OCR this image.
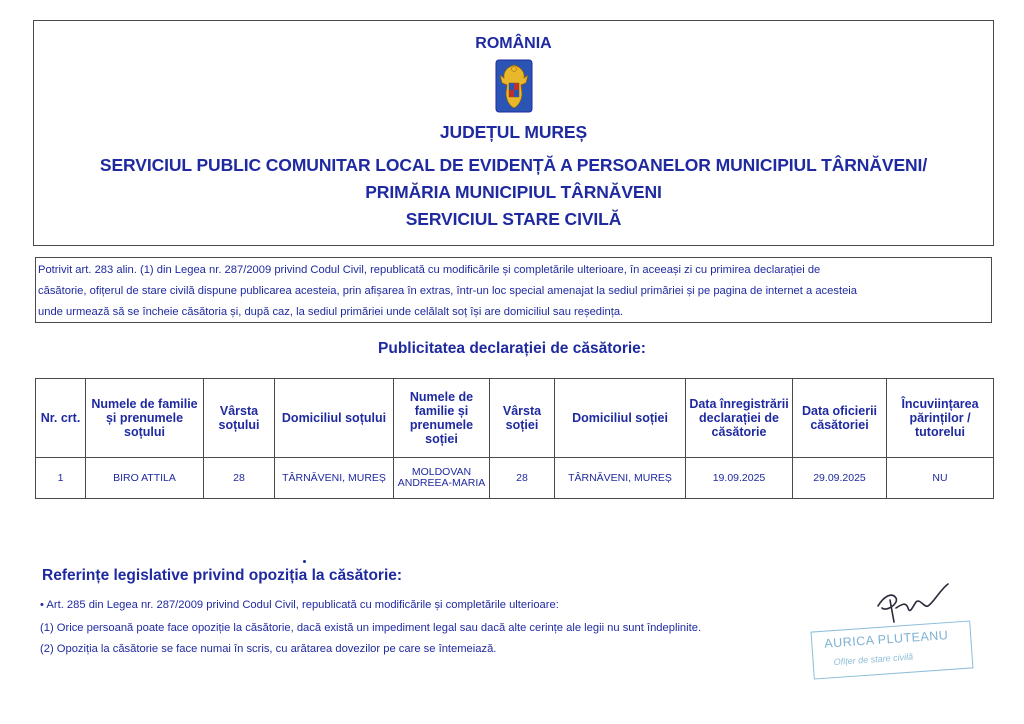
ROMÂNIA
JUDEȚUL MUREȘ
SERVICIUL PUBLIC COMUNITAR LOCAL DE EVIDENȚĂ A PERSOANELOR MUNICIPIUL TÂRNĂVENI/
PRIMĂRIA MUNICIPIUL TÂRNĂVENI
SERVICIUL STARE CIVILĂ
Potrivit art. 283 alin. (1) din Legea nr. 287/2009 privind Codul Civil, republicată cu modificările și completările ulterioare, în aceeași zi cu primirea declarației de
căsătorie, ofițerul de stare civilă dispune publicarea acesteia, prin afișarea în extras, într-un loc special amenajat la sediul primăriei și pe pagina de internet a acesteia
unde urmează să se încheie căsătoria și, după caz, la sediul primăriei unde celălalt soț își are domiciliul sau reședința.
Publicitatea declarației de căsătorie:
Nr. crt.	Numele de familie și prenumele soțului	Vârsta soțului	Domiciliul soțului	Numele de familie și prenumele soției	Vârsta soției	Domiciliul soției	Data înregistrării declarației de căsătorie	Data oficierii căsătoriei	Încuviințarea părinților / tutorelui
1	BIRO ATTILA	28	TÂRNĂVENI, MUREȘ	MOLDOVAN ANDREEA-MARIA	28	TÂRNĂVENI, MUREȘ	19.09.2025	29.09.2025	NU
Referințe legislative privind opoziția la căsătorie:
• Art. 285 din Legea nr. 287/2009 privind Codul Civil, republicată cu modificările și completările ulterioare:
(1) Orice persoană poate face opoziție la căsătorie, dacă există un impediment legal sau dacă alte cerințe ale legii nu sunt îndeplinite.
(2) Opoziția la căsătorie se face numai în scris, cu arătarea dovezilor pe care se întemeiază.	AURICA PLUTEANU
Ofițer de stare civilă
